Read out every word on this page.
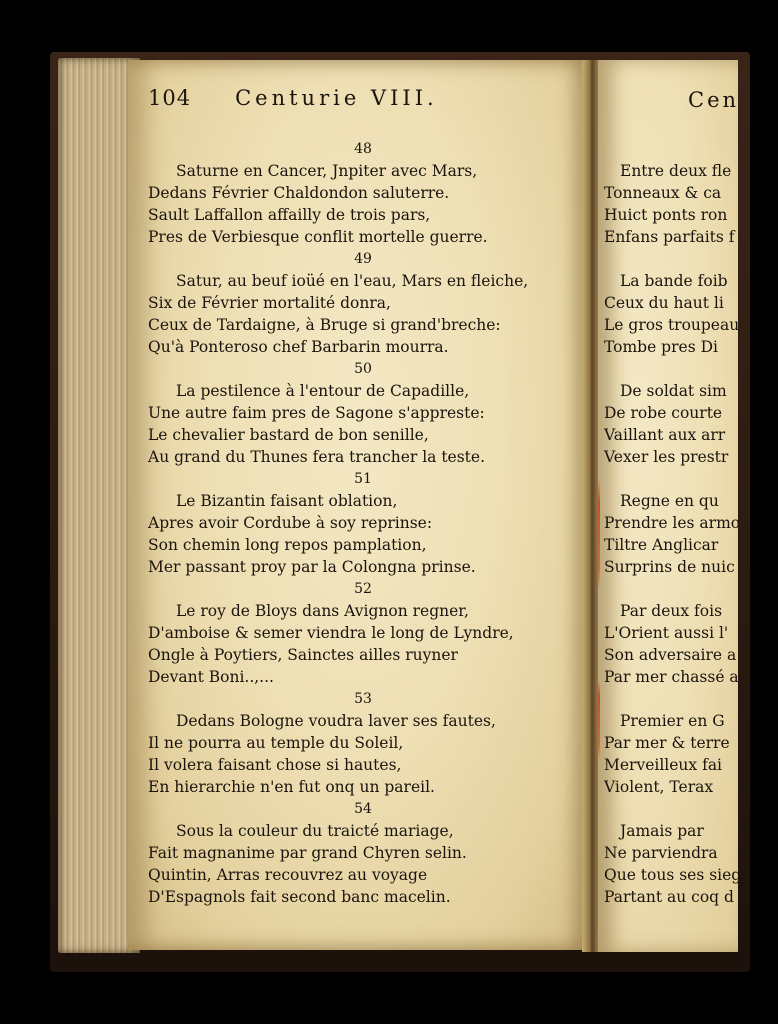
104 Centurie VIII.
48
Saturne en Cancer, Jnpiter avec Mars,
Dedans Février Chaldondon saluterre.
Sault Laffallon affailly de trois pars,
Pres de Verbiesque conflit mortelle guerre.
49
Satur, au beuf ioüé en l'eau, Mars en fleiche,
Six de Février mortalité donra,
Ceux de Tardaigne, à Bruge si grand'breche:
Qu'à Ponteroso chef Barbarin mourra.
50
La pestilence à l'entour de Capadille,
Une autre faim pres de Sagone s'appreste:
Le chevalier bastard de bon senille,
Au grand du Thunes fera trancher la teste.
51
Le Bizantin faisant oblation,
Apres avoir Cordube à soy reprinse:
Son chemin long repos pamplation,
Mer passant proy par la Colongna prinse.
52
Le roy de Bloys dans Avignon regner,
D'amboise & semer viendra le long de Lyndre,
Ongle à Poytiers, Sainctes ailles ruyner
Devant Boni..,...
53
Dedans Bologne voudra laver ses fautes,
Il ne pourra au temple du Soleil,
Il volera faisant chose si hautes,
En hierarchie n'en fut onq un pareil.
54
Sous la couleur du traicté mariage,
Fait magnanime par grand Chyren selin.
Quintin, Arras recouvrez au voyage
D'Espagnols fait second banc macelin.
Cen
Entre deux fle
Tonneaux & ca
Huict ponts ron
Enfans parfaits f
La bande foib
Ceux du haut li
Le gros troupeau
Tombe pres Di
De soldat sim
De robe courte
Vaillant aux arr
Vexer les prestr
Regne en qu
Prendre les armo
Tiltre Anglicar
Surprins de nuic
Par deux fois
L'Orient aussi l'
Son adversaire a
Par mer chassé a
Premier en G
Par mer & terre
Merveilleux fai
Violent, Terax
Jamais par
Ne parviendra
Que tous ses sieg
Partant au coq d
